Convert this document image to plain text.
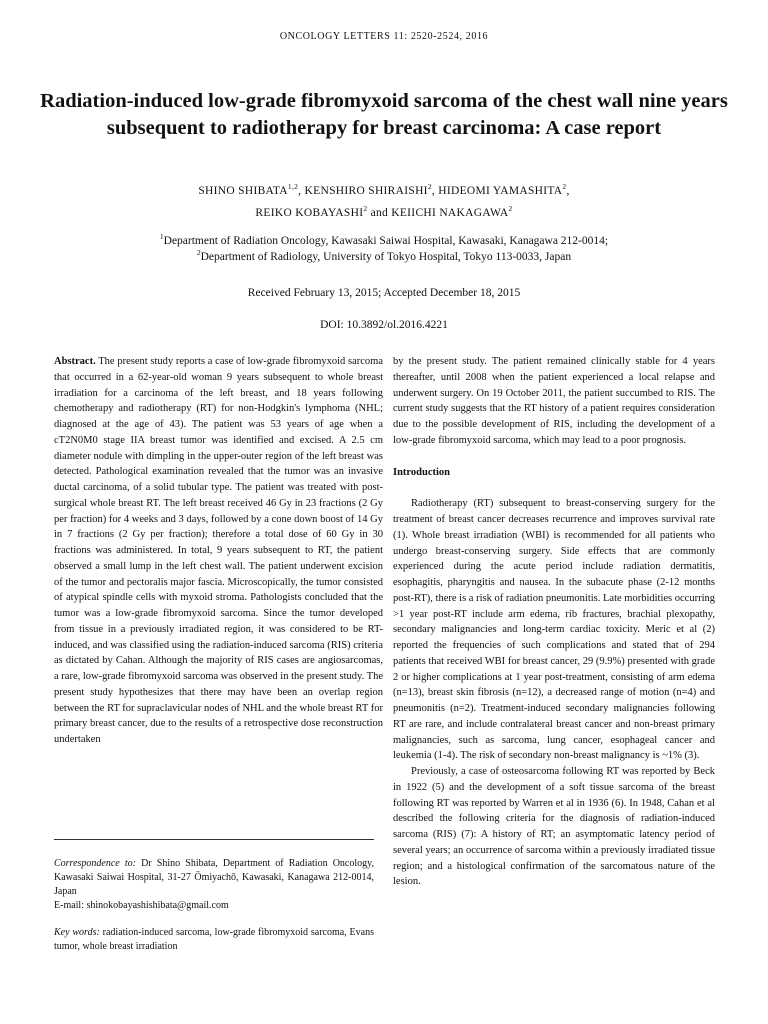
ONCOLOGY LETTERS 11: 2520-2524, 2016
Radiation-induced low-grade fibromyxoid sarcoma of the chest wall nine years subsequent to radiotherapy for breast carcinoma: A case report
SHINO SHIBATA$^{1,2}$, KENSHIRO SHIRAISHI$^2$, HIDEOMI YAMASHITA$^2$,
REIKO KOBAYASHI$^2$ and KEIICHI NAKAGAWA$^2$
$^1$Department of Radiation Oncology, Kawasaki Saiwai Hospital, Kawasaki, Kanagawa 212-0014;
$^2$Department of Radiology, University of Tokyo Hospital, Tokyo 113-0033, Japan
Received February 13, 2015; Accepted December 18, 2015
DOI: 10.3892/ol.2016.4221

Abstract. The present study reports a case of low-grade fibromyxoid sarcoma that occurred in a 62-year-old woman 9 years subsequent to whole breast irradiation for a carcinoma of the left breast, and 18 years following chemotherapy and radiotherapy (RT) for non-Hodgkin's lymphoma (NHL; diagnosed at the age of 43). The patient was 53 years of age when a cT2N0M0 stage IIA breast tumor was identified and excised. A 2.5 cm diameter nodule with dimpling in the upper-outer region of the left breast was detected. Pathological examination revealed that the tumor was an invasive ductal carcinoma, of a solid tubular type. The patient was treated with post-surgical whole breast RT. The left breast received 46 Gy in 23 fractions (2 Gy per fraction) for 4 weeks and 3 days, followed by a cone down boost of 14 Gy in 7 fractions (2 Gy per fraction); therefore a total dose of 60 Gy in 30 fractions was administered. In total, 9 years subsequent to RT, the patient observed a small lump in the left chest wall. The patient underwent excision of the tumor and pectoralis major fascia. Microscopically, the tumor consisted of atypical spindle cells with myxoid stroma. Pathologists concluded that the tumor was a low-grade fibromyxoid sarcoma. Since the tumor developed from tissue in a previously irradiated region, it was considered to be RT-induced, and was classified using the radiation-induced sarcoma (RIS) criteria as dictated by Cahan. Although the majority of RIS cases are angiosarcomas, a rare, low-grade fibromyxoid sarcoma was observed in the present study. The present study hypothesizes that there may have been an overlap region between the RT for supraclavicular nodes of NHL and the whole breast RT for primary breast cancer, due to the results of a retrospective dose reconstruction undertaken

Correspondence to: Dr Shino Shibata, Department of Radiation Oncology, Kawasaki Saiwai Hospital, 31-27 Ōmiyachō, Kawasaki, Kanagawa 212-0014, Japan
E-mail: shinokobayashishibata@gmail.com
Key words: radiation-induced sarcoma, low-grade fibromyxoid sarcoma, Evans tumor, whole breast irradiation

by the present study. The patient remained clinically stable for 4 years thereafter, until 2008 when the patient experienced a local relapse and underwent surgery. On 19 October 2011, the patient succumbed to RIS. The current study suggests that the RT history of a patient requires consideration due to the possible development of RIS, including the development of a low-grade fibromyxoid sarcoma, which may lead to a poor prognosis.

Introduction

Radiotherapy (RT) subsequent to breast-conserving surgery for the treatment of breast cancer decreases recurrence and improves survival rate (1). Whole breast irradiation (WBI) is recommended for all patients who undergo breast-conserving surgery. Side effects that are commonly experienced during the acute period include radiation dermatitis, esophagitis, pharyngitis and nausea. In the subacute phase (2-12 months post-RT), there is a risk of radiation pneumonitis. Late morbidities occurring >1 year post-RT include arm edema, rib fractures, brachial plexopathy, secondary malignancies and long-term cardiac toxicity. Meric et al (2) reported the frequencies of such complications and stated that of 294 patients that received WBI for breast cancer, 29 (9.9%) presented with grade 2 or higher complications at 1 year post-treatment, consisting of arm edema (n=13), breast skin fibrosis (n=12), a decreased range of motion (n=4) and pneumonitis (n=2). Treatment-induced secondary malignancies following RT are rare, and include contralateral breast cancer and non-breast primary malignancies, such as sarcoma, lung cancer, esophageal cancer and leukemia (1-4). The risk of secondary non-breast malignancy is ~1% (3).

Previously, a case of osteosarcoma following RT was reported by Beck in 1922 (5) and the development of a soft tissue sarcoma of the breast following RT was reported by Warren et al in 1936 (6). In 1948, Cahan et al described the following criteria for the diagnosis of radiation-induced sarcoma (RIS) (7): A history of RT; an asymptomatic latency period of several years; an occurrence of sarcoma within a previously irradiated tissue region; and a histological confirmation of the sarcomatous nature of the lesion.
